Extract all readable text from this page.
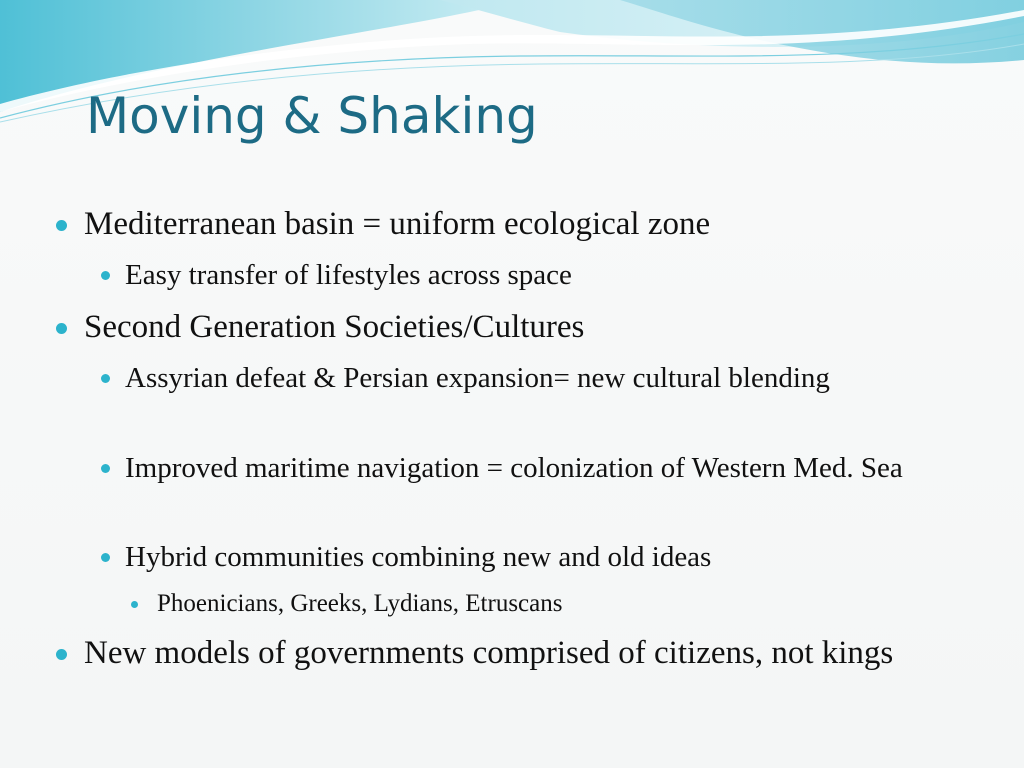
Moving & Shaking
Mediterranean basin = uniform ecological zone
Easy transfer of lifestyles across space
Second Generation Societies/Cultures
Assyrian defeat & Persian expansion= new cultural blending
Improved maritime navigation = colonization of Western Med. Sea
Hybrid communities combining new and old ideas
Phoenicians, Greeks, Lydians, Etruscans
New models of governments comprised of citizens, not kings
